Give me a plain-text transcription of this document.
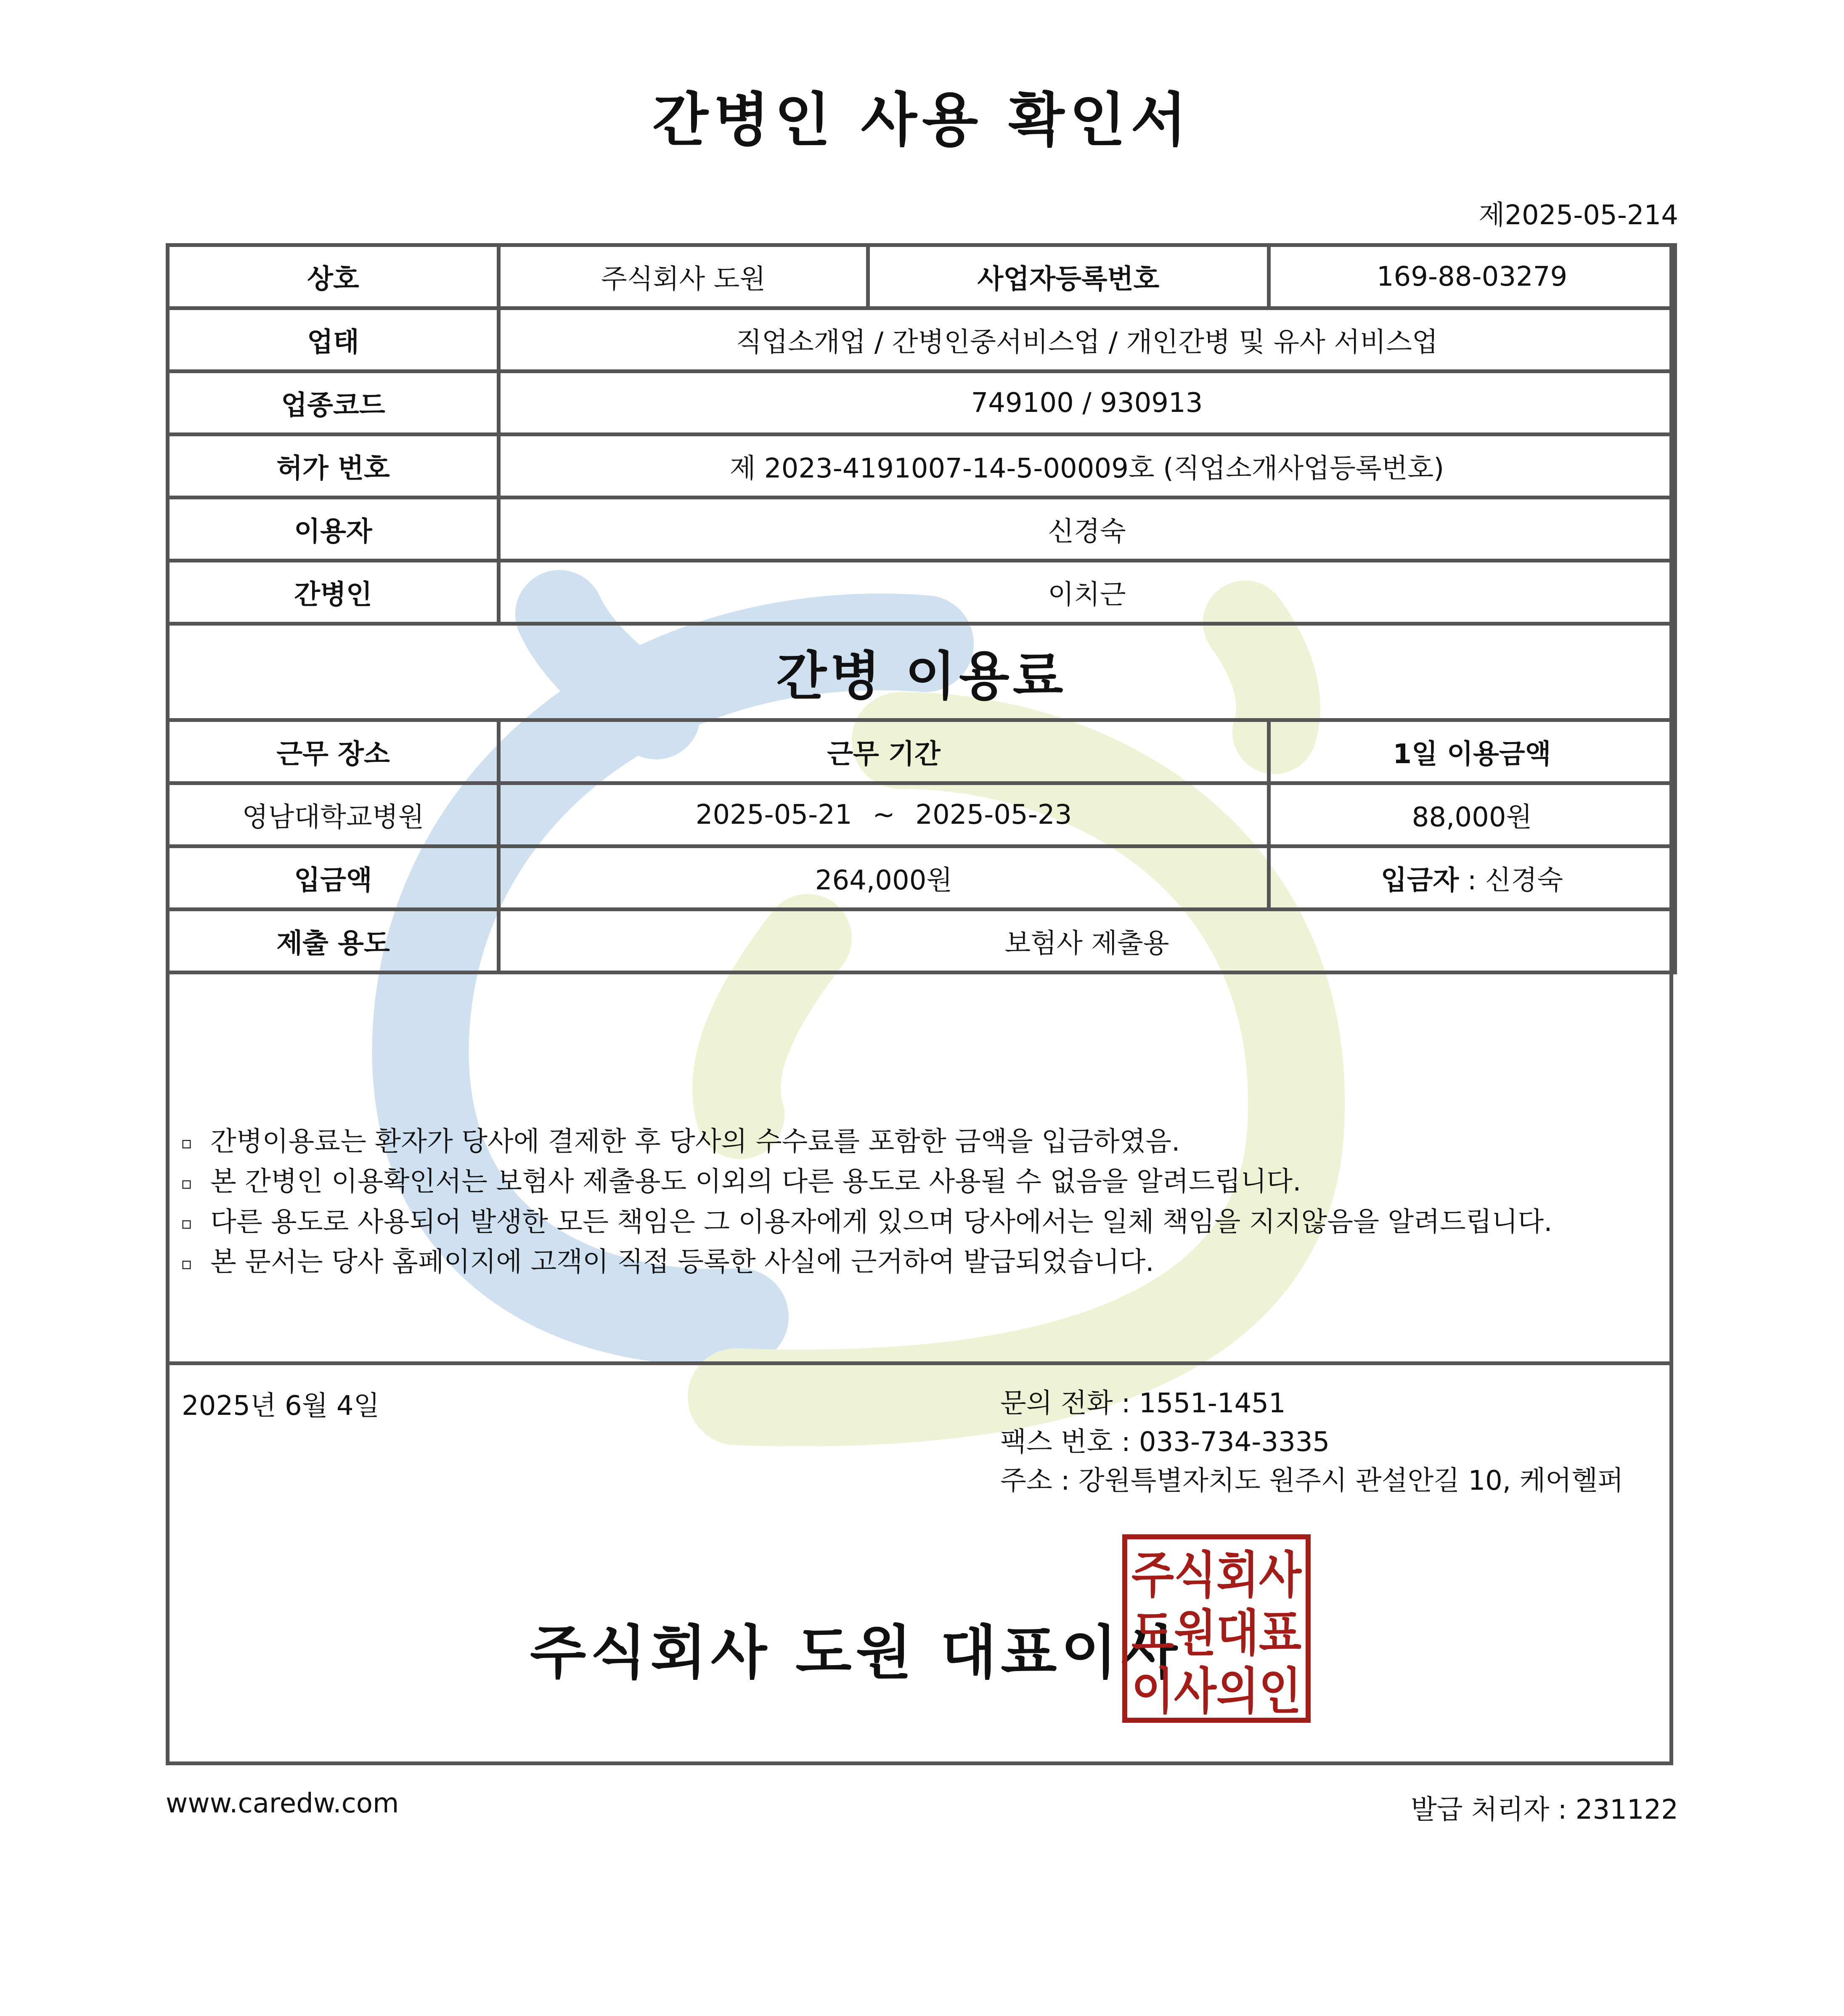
간병인 사용 확인서
제2025-05-214
상호	주식회사 도원	사업자등록번호	169-88-03279
업태	직업소개업 / 간병인중서비스업 / 개인간병 및 유사 서비스업		
업종코드	749100 / 930913		
허가 번호	제 2023-4191007-14-5-00009호 (직업소개사업등록번호)		
이용자	신경숙		
간병인	이치근		
간병 이용료			
근무 장소	근무 기간		1일 이용금액
영남대학교병원	2025-05-21 ~ 2025-05-23		88,000원
입금액	264,000원		입금자 : 신경숙
제출 용도	보험사 제출용		
▫ 간병이용료는 환자가 당사에 결제한 후 당사의 수수료를 포함한 금액을 입금하였음.
▫ 본 간병인 이용확인서는 보험사 제출용도 이외의 다른 용도로 사용될 수 없음을 알려드립니다.
▫ 다른 용도로 사용되어 발생한 모든 책임은 그 이용자에게 있으며 당사에서는 일체 책임을 지지않음을 알려드립니다.
▫ 본 문서는 당사 홈페이지에 고객이 직접 등록한 사실에 근거하여 발급되었습니다.
2025년 6월 4일	문의 전화 : 1551-1451
팩스 번호 : 033-734-3335
주소 : 강원특별자치도 원주시 관설안길 10, 케어헬퍼
주식회사 도원 대표이사
주식회사
도원대표
이사의인
www.caredw.com	발급 처리자 : 231122
